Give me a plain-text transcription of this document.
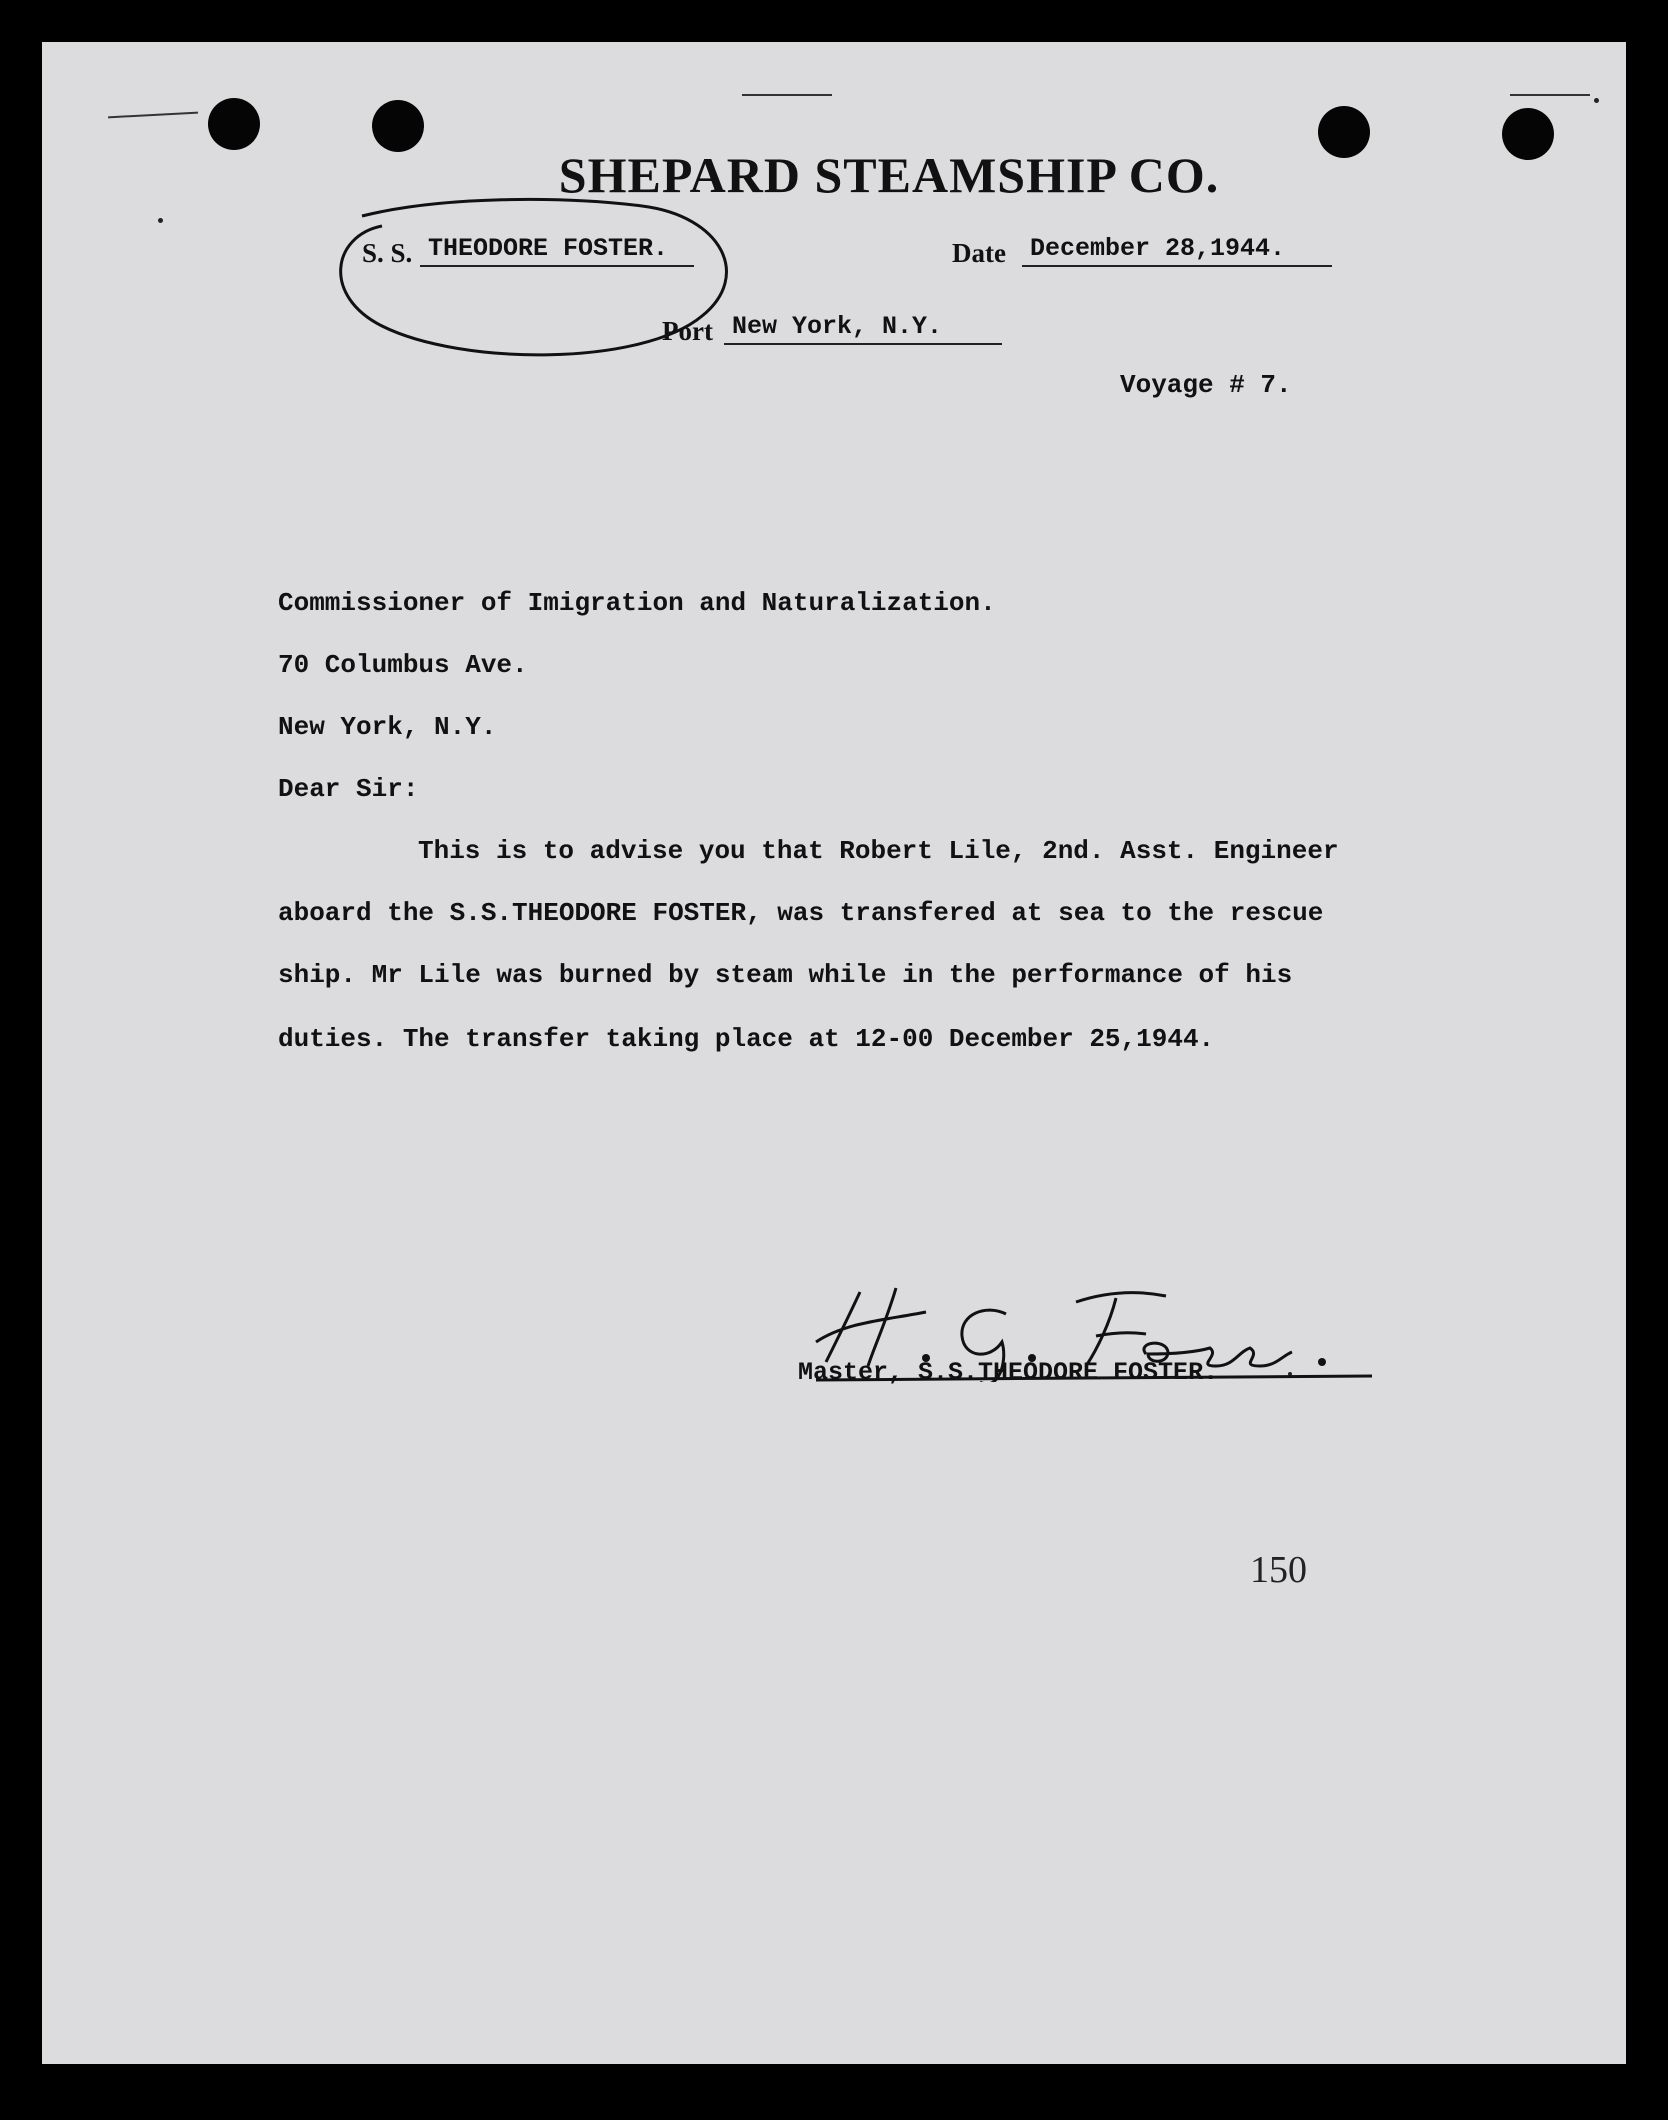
SHEPARD STEAMSHIP CO.
S. S. THEODORE FOSTER.	Date December 28,1944.
Port New York, N.Y.
Voyage # 7.
Commissioner of Imigration and Naturalization.
70 Columbus Ave.
New York, N.Y.
Dear Sir:
This is to advise you that Robert Lile, 2nd. Asst. Engineer
aboard the S.S.THEODORE FOSTER, was transfered at sea to the rescue
ship. Mr Lile was burned by steam while in the performance of his
duties. The transfer taking place at 12-00 December 25,1944.
Master, S.S.THEODORE FOSTER.
150
